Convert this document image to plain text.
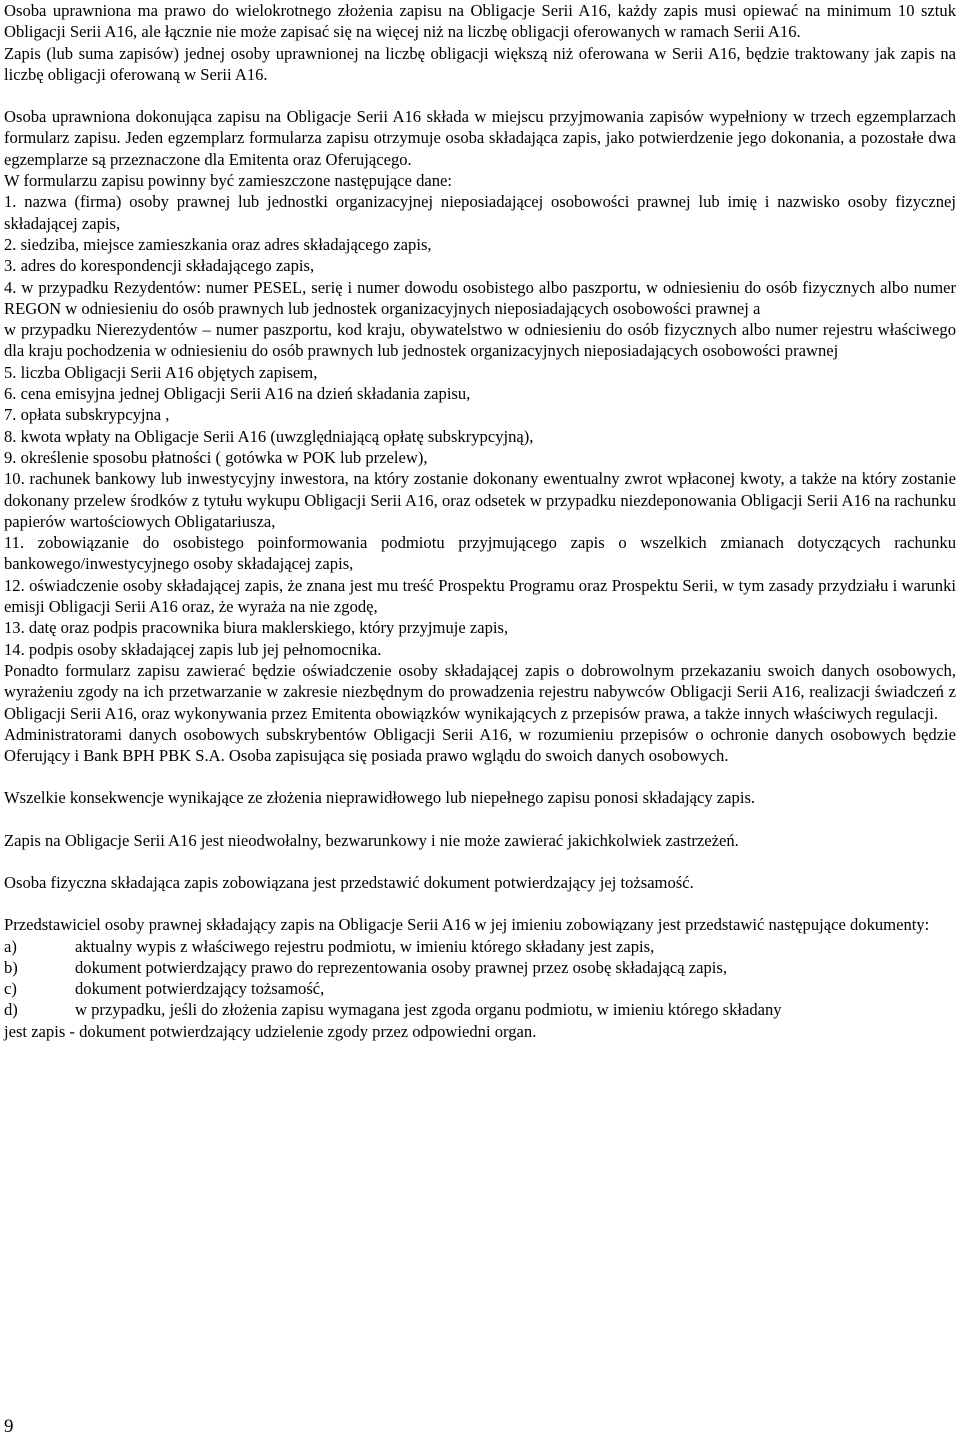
Osoba uprawniona ma prawo do wielokrotnego złożenia zapisu na Obligacje Serii A16, każdy zapis musi opiewać na minimum 10 sztuk Obligacji Serii A16, ale łącznie nie może zapisać się na więcej niż na liczbę obligacji oferowanych w ramach Serii A16.

Zapis (lub suma zapisów) jednej osoby uprawnionej na liczbę obligacji większą niż oferowana w Serii A16, będzie traktowany jak zapis na liczbę obligacji oferowaną w Serii A16.

Osoba uprawniona dokonująca zapisu na Obligacje Serii A16 składa w miejscu przyjmowania zapisów wypełniony w trzech egzemplarzach formularz zapisu. Jeden egzemplarz formularza zapisu otrzymuje osoba składająca zapis, jako potwierdzenie jego dokonania, a pozostałe dwa egzemplarze są przeznaczone dla Emitenta oraz Oferującego.

W formularzu zapisu powinny być zamieszczone następujące dane:

1. nazwa (firma) osoby prawnej lub jednostki organizacyjnej nieposiadającej osobowości prawnej lub imię i nazwisko osoby fizycznej składającej zapis,

2. siedziba, miejsce zamieszkania oraz adres składającego zapis,

3. adres do korespondencji składającego zapis,

4. w przypadku Rezydentów: numer PESEL, serię i numer dowodu osobistego albo paszportu, w odniesieniu do osób fizycznych albo numer REGON w odniesieniu do osób prawnych lub jednostek organizacyjnych nieposiadających osobowości prawnej a

w przypadku Nierezydentów – numer paszportu, kod kraju, obywatelstwo w odniesieniu do osób fizycznych albo numer rejestru właściwego dla kraju pochodzenia w odniesieniu do osób prawnych lub jednostek organizacyjnych nieposiadających osobowości prawnej

5. liczba Obligacji Serii A16 objętych zapisem,

6. cena emisyjna jednej Obligacji Serii A16 na dzień składania zapisu,

7. opłata subskrypcyjna ,

8. kwota wpłaty na Obligacje Serii A16 (uwzględniającą opłatę subskrypcyjną),

9. określenie sposobu płatności ( gotówka w POK lub przelew),

10. rachunek bankowy lub inwestycyjny inwestora, na który zostanie dokonany ewentualny zwrot wpłaconej kwoty, a także na który zostanie dokonany przelew środków z tytułu wykupu Obligacji Serii A16, oraz odsetek w przypadku niezdeponowania Obligacji Serii A16 na rachunku papierów wartościowych Obligatariusza,

11. zobowiązanie do osobistego poinformowania podmiotu przyjmującego zapis o wszelkich zmianach dotyczących rachunku bankowego/inwestycyjnego osoby składającej zapis,

12. oświadczenie osoby składającej zapis, że znana jest mu treść Prospektu Programu oraz Prospektu Serii, w tym zasady przydziału i warunki emisji Obligacji Serii A16 oraz, że wyraża na nie zgodę,

13. datę oraz podpis pracownika biura maklerskiego, który przyjmuje zapis,

14. podpis osoby składającej zapis lub jej pełnomocnika.

Ponadto formularz zapisu zawierać będzie oświadczenie osoby składającej zapis o dobrowolnym przekazaniu swoich danych osobowych, wyrażeniu zgody na ich przetwarzanie w zakresie niezbędnym do prowadzenia rejestru nabywców Obligacji Serii A16, realizacji świadczeń z Obligacji Serii A16, oraz wykonywania przez Emitenta obowiązków wynikających z przepisów prawa, a także innych właściwych regulacji.

Administratorami danych osobowych subskrybentów Obligacji Serii A16, w rozumieniu przepisów o ochronie danych osobowych będzie Oferujący i Bank BPH PBK S.A. Osoba zapisująca się posiada prawo wglądu do swoich danych osobowych.

Wszelkie konsekwencje wynikające ze złożenia nieprawidłowego lub niepełnego zapisu ponosi składający zapis.

Zapis na Obligacje Serii A16 jest nieodwołalny, bezwarunkowy i nie może zawierać jakichkolwiek zastrzeżeń.

Osoba fizyczna składająca zapis zobowiązana jest przedstawić dokument potwierdzający jej tożsamość.

Przedstawiciel osoby prawnej składający zapis na Obligacje Serii A16 w jej imieniu zobowiązany jest przedstawić następujące dokumenty:

a)	aktualny wypis z właściwego rejestru podmiotu, w imieniu którego składany jest zapis,
b)	dokument potwierdzający prawo do reprezentowania osoby prawnej przez osobę składającą zapis,
c)	dokument potwierdzający tożsamość,
d)	w przypadku, jeśli do złożenia zapisu wymagana jest zgoda organu podmiotu, w imieniu którego składany

jest zapis - dokument potwierdzający udzielenie zgody przez odpowiedni organ.

9
